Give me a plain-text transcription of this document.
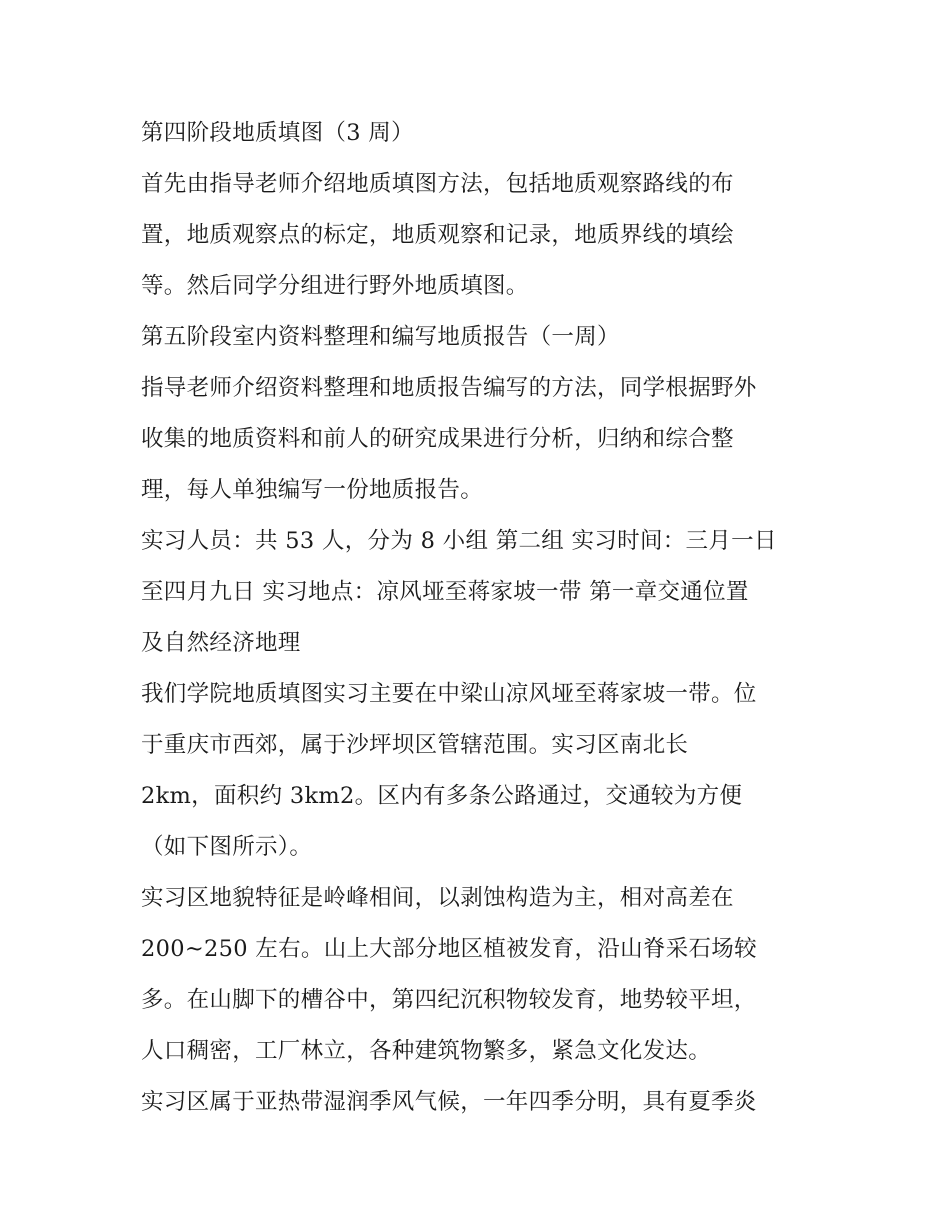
第四阶段地质填图（3 周）
首先由指导老师介绍地质填图方法，包括地质观察路线的布
置，地质观察点的标定，地质观察和记录，地质界线的填绘
等。然后同学分组进行野外地质填图。
第五阶段室内资料整理和编写地质报告（一周）
指导老师介绍资料整理和地质报告编写的方法，同学根据野外
收集的地质资料和前人的研究成果进行分析，归纳和综合整
理，每人单独编写一份地质报告。
实习人员：共 53 人，分为 8 小组 第二组 实习时间：三月一日
至四月九日 实习地点：凉风垭至蒋家坡一带 第一章交通位置
及自然经济地理
我们学院地质填图实习主要在中梁山凉风垭至蒋家坡一带。位
于重庆市西郊，属于沙坪坝区管辖范围。实习区南北长
2km，面积约 3km2。区内有多条公路通过，交通较为方便
（如下图所示）。
实习区地貌特征是岭峰相间，以剥蚀构造为主，相对高差在
200~250 左右。山上大部分地区植被发育，沿山脊采石场较
多。在山脚下的槽谷中，第四纪沉积物较发育，地势较平坦，
人口稠密，工厂林立，各种建筑物繁多，紧急文化发达。
实习区属于亚热带湿润季风气候，一年四季分明，具有夏季炎
